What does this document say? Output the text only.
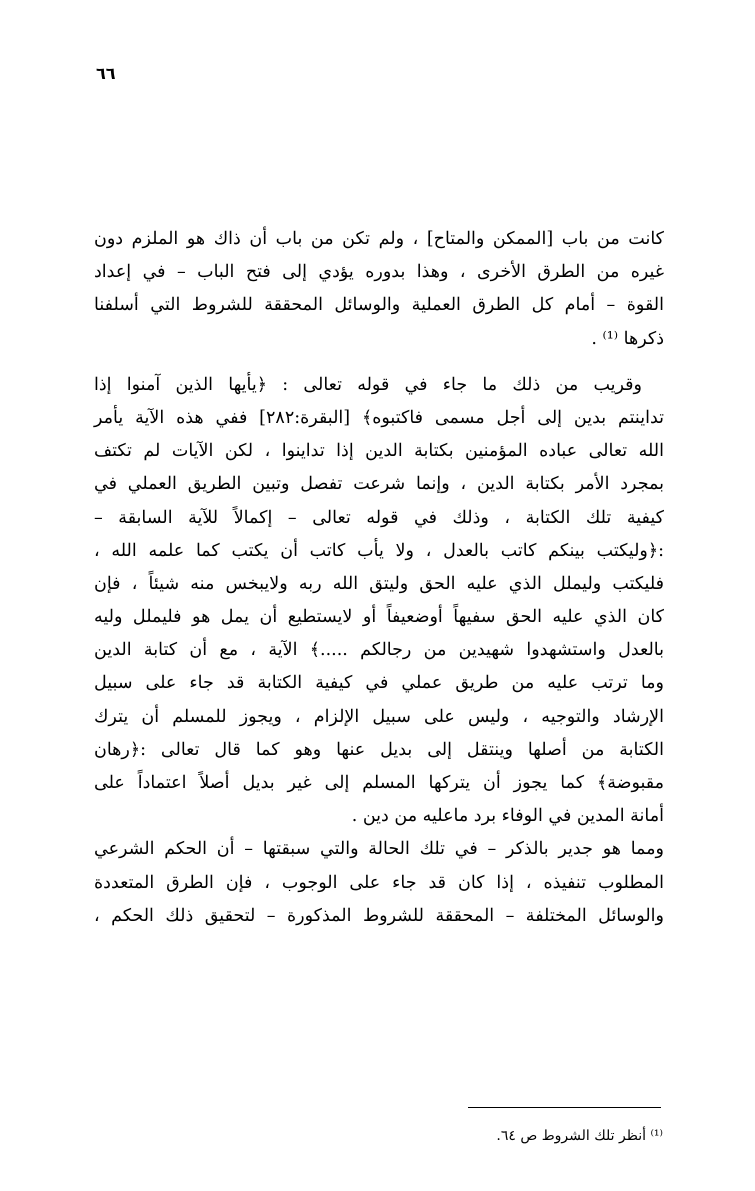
٦٦
كانت من باب [الممكن والمتاح] ، ولم تكن من باب أن ذاك هو الملزم دون
غيره من الطرق الأخرى ، وهذا بدوره يؤدي إلى فتح الباب – في إعداد
القوة – أمام كل الطرق العملية والوسائل المحققة للشروط التي أسلفنا
ذكرها ⁽¹⁾ .
وقريب من ذلك ما جاء في قوله تعالى : ﴿يأيها الذين آمنوا إذا
تداينتم بدين إلى أجل مسمى فاكتبوه﴾ [البقرة:٢٨٢] ففي هذه الآية يأمر
الله تعالى عباده المؤمنين بكتابة الدين إذا تداينوا ، لكن الآيات لم تكتف
بمجرد الأمر بكتابة الدين ، وإنما شرعت تفصل وتبين الطريق العملي في
كيفية تلك الكتابة ، وذلك في قوله تعالى – إكمالاً للآية السابقة –
:﴿وليكتب بينكم كاتب بالعدل ، ولا يأب كاتب أن يكتب كما علمه الله ،
فليكتب وليملل الذي عليه الحق وليتق الله ربه ولايبخس منه شيئاً ، فإن
كان الذي عليه الحق سفيهاً أوضعيفاً أو لايستطيع أن يمل هو فليملل وليه
بالعدل واستشهدوا شهيدين من رجالكم .....﴾ الآية ، مع أن كتابة الدين
وما ترتب عليه من طريق عملي في كيفية الكتابة قد جاء على سبيل
الإرشاد والتوجيه ، وليس على سبيل الإلزام ، ويجوز للمسلم أن يترك
الكتابة من أصلها وينتقل إلى بديل عنها وهو كما قال تعالى :﴿رهان
مقبوضة﴾ كما يجوز أن يتركها المسلم إلى غير بديل أصلاً اعتماداً على
أمانة المدين في الوفاء برد ماعليه من دين .
ومما هو جدير بالذكر – في تلك الحالة والتي سبقتها – أن الحكم الشرعي
المطلوب تنفيذه ، إذا كان قد جاء على الوجوب ، فإن الطرق المتعددة
والوسائل المختلفة – المحققة للشروط المذكورة – لتحقيق ذلك الحكم ،
⁽¹⁾ أنظر تلك الشروط ص ٦٤.
